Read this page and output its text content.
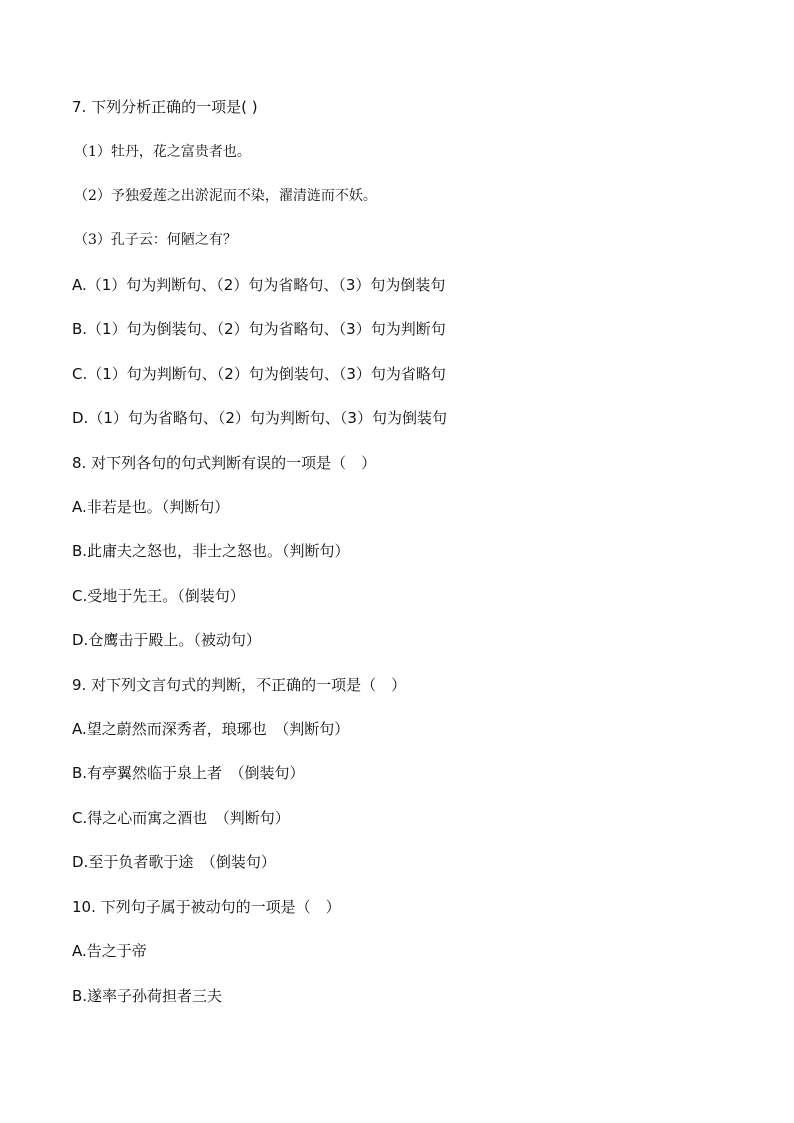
7. 下列分析正确的一项是( )
（1）牡丹，花之富贵者也。
（2）予独爱莲之出淤泥而不染，濯清涟而不妖。
（3）孔子云：何陋之有？
A.（1）句为判断句、（2）句为省略句、（3）句为倒装句
B.（1）句为倒装句、（2）句为省略句、（3）句为判断句
C.（1）句为判断句、（2）句为倒装句、（3）句为省略句
D.（1）句为省略句、（2）句为判断句、（3）句为倒装句
8. 对下列各句的句式判断有误的一项是（　）
A.非若是也。（判断句）
B.此庸夫之怒也，非士之怒也。（判断句）
C.受地于先王。（倒装句）
D.仓鹰击于殿上。（被动句）
9. 对下列文言句式的判断，不正确的一项是（　）
A.望之蔚然而深秀者，琅琊也　（判断句）
B.有亭翼然临于泉上者　（倒装句）
C.得之心而寓之酒也　（判断句）
D.至于负者歌于途　（倒装句）
10. 下列句子属于被动句的一项是（　）
A.告之于帝
B.遂率子孙荷担者三夫
